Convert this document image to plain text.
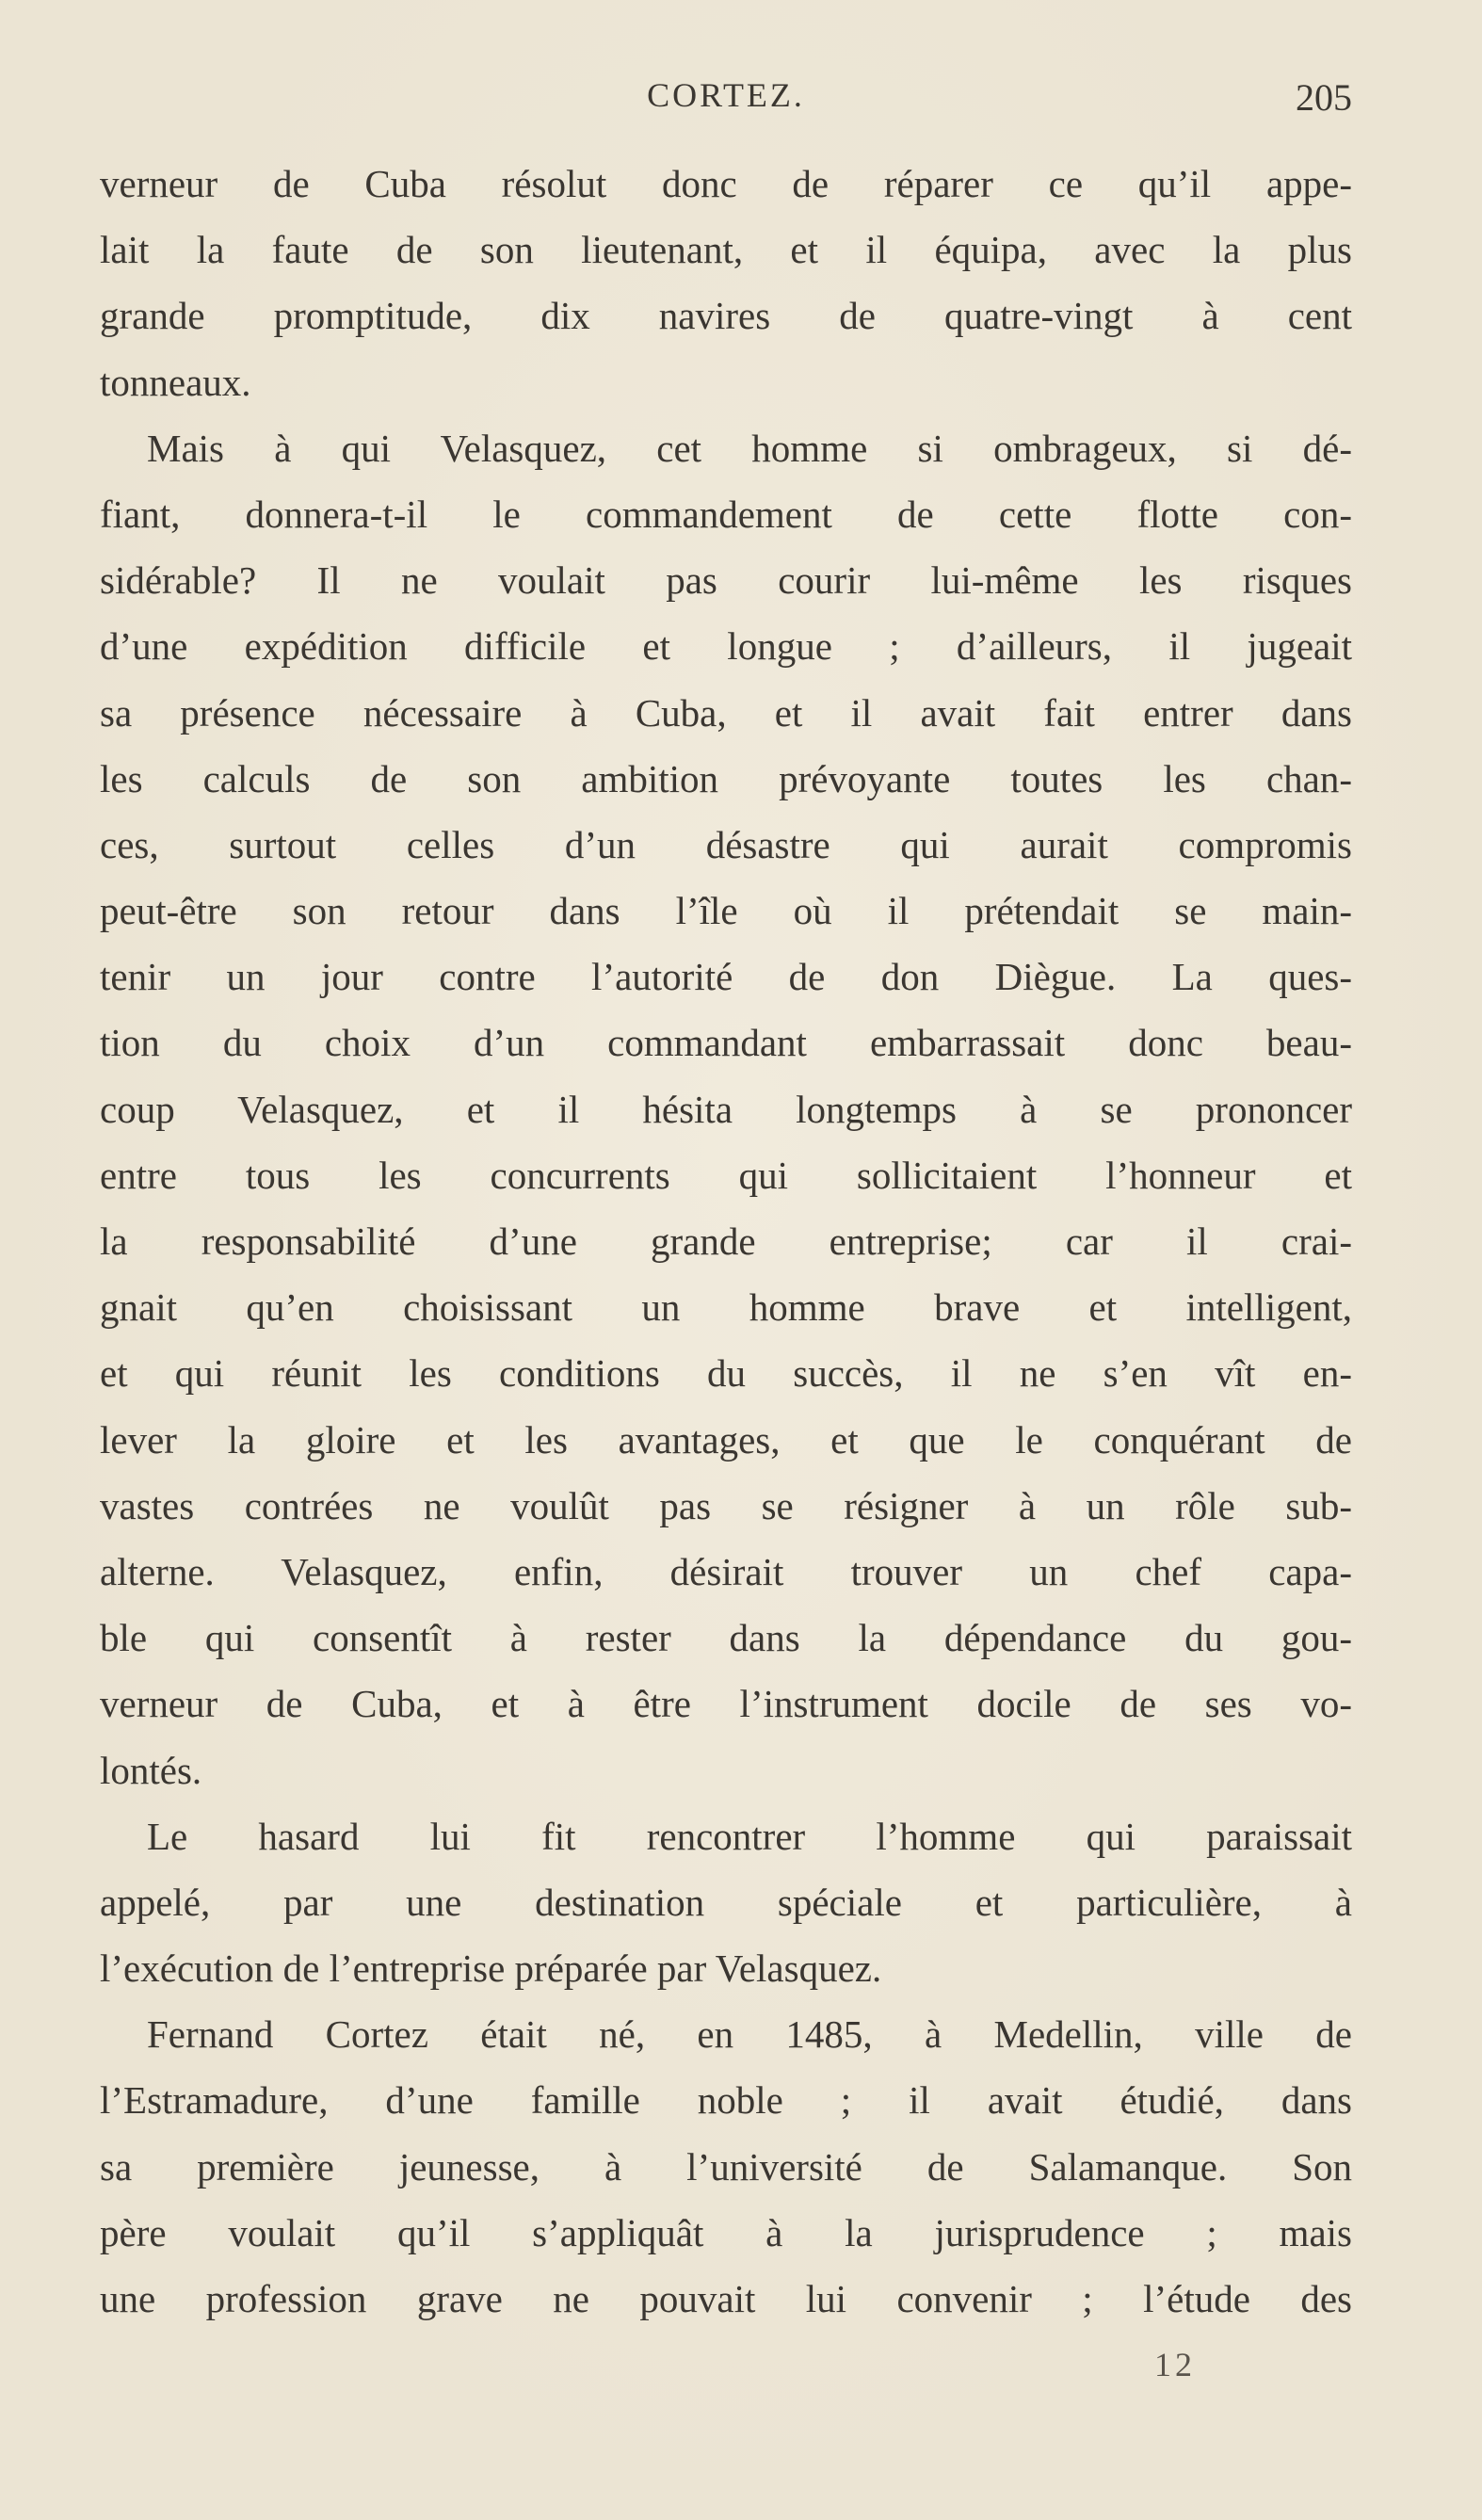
CORTEZ.	205
verneur de Cuba résolut donc de réparer ce qu’il appe-
lait la faute de son lieutenant, et il équipa, avec la plus
grande promptitude, dix navires de quatre-vingt à cent
tonneaux.
Mais à qui Velasquez, cet homme si ombrageux, si dé-
fiant, donnera-t-il le commandement de cette flotte con-
sidérable? Il ne voulait pas courir lui-même les risques
d’une expédition difficile et longue ; d’ailleurs, il jugeait
sa présence nécessaire à Cuba, et il avait fait entrer dans
les calculs de son ambition prévoyante toutes les chan-
ces, surtout celles d’un désastre qui aurait compromis
peut-être son retour dans l’île où il prétendait se main-
tenir un jour contre l’autorité de don Diègue. La ques-
tion du choix d’un commandant embarrassait donc beau-
coup Velasquez, et il hésita longtemps à se prononcer
entre tous les concurrents qui sollicitaient l’honneur et
la responsabilité d’une grande entreprise; car il crai-
gnait qu’en choisissant un homme brave et intelligent,
et qui réunit les conditions du succès, il ne s’en vît en-
lever la gloire et les avantages, et que le conquérant de
vastes contrées ne voulût pas se résigner à un rôle sub-
alterne. Velasquez, enfin, désirait trouver un chef capa-
ble qui consentît à rester dans la dépendance du gou-
verneur de Cuba, et à être l’instrument docile de ses vo-
lontés.
Le hasard lui fit rencontrer l’homme qui paraissait
appelé, par une destination spéciale et particulière, à
l’exécution de l’entreprise préparée par Velasquez.
Fernand Cortez était né, en 1485, à Medellin, ville de
l’Estramadure, d’une famille noble ; il avait étudié, dans
sa première jeunesse, à l’université de Salamanque. Son
père voulait qu’il s’appliquât à la jurisprudence ; mais
une profession grave ne pouvait lui convenir ; l’étude des
12
